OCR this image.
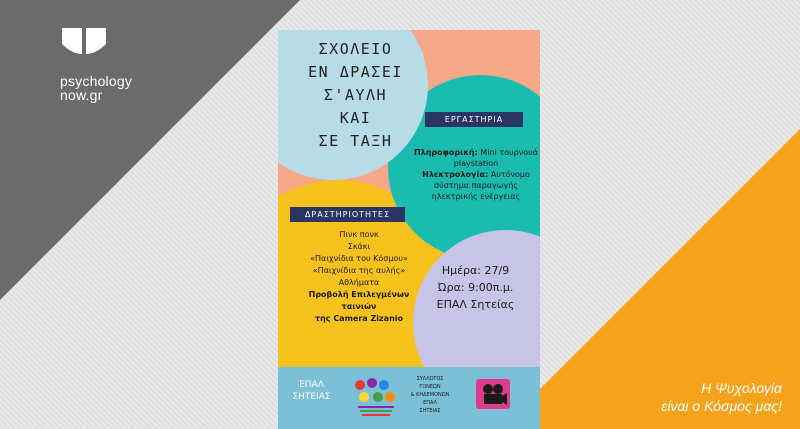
psychology
now.gr
Η Ψυχολογία
είναι ο Κόσμος μας!
ΣΧΟΛΕΙΟ
ΕΝ ΔΡΑΣΕΙ
Σ'ΑΥΛΗ
ΚΑΙ
ΣΕ ΤΑΞΗ
ΕΡΓΑΣΤΗΡΙΑ
Πληροφορική: Mini τουρνουά playstation
Ηλεκτρολογία: Αυτόνομο σύστημα παραγωγής ηλεκτρικής ενέργειας
ΔΡΑΣΤΗΡΙΟΤΗΤΕΣ
Πινκ πονκ
Σκάκι
«Παιχνίδια του Κόσμου»
«Παιχνίδια της αυλής»
Αθλήματα
Προβολή Επιλεγμένων
ταινιών
της Camera Zizanio
Ημέρα: 27/9
Ώρα: 9:00π.μ.
ΕΠΑΛ Σητείας
ΕΠΑΛ
ΣΗΤΕΙΑΣ
ΣΥΛΛΟΓΟΣ
ΓΟΝΕΩΝ
& ΚΗΔΕΜΟΝΩΝ
ΕΠΑΛ
ΣΗΤΕΙΑΣ
